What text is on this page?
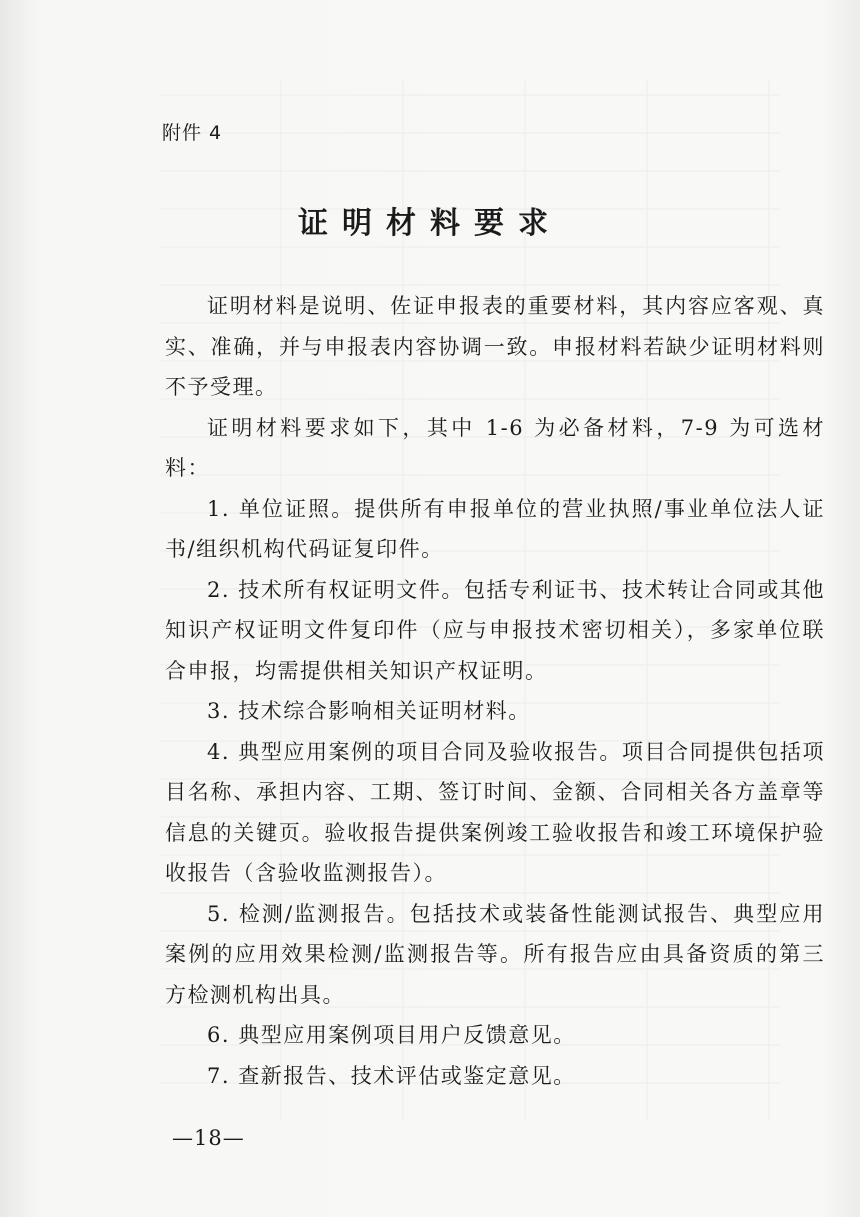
附件 4
证明材料要求

证明材料是说明、佐证申报表的重要材料，其内容应客观、真实、准确，并与申报表内容协调一致。申报材料若缺少证明材料则不予受理。

证明材料要求如下，其中 1-6 为必备材料，7-9 为可选材料：

1. 单位证照。提供所有申报单位的营业执照/事业单位法人证书/组织机构代码证复印件。

2. 技术所有权证明文件。包括专利证书、技术转让合同或其他知识产权证明文件复印件（应与申报技术密切相关），多家单位联合申报，均需提供相关知识产权证明。

3. 技术综合影响相关证明材料。

4. 典型应用案例的项目合同及验收报告。项目合同提供包括项目名称、承担内容、工期、签订时间、金额、合同相关各方盖章等信息的关键页。验收报告提供案例竣工验收报告和竣工环境保护验收报告（含验收监测报告）。

5. 检测/监测报告。包括技术或装备性能测试报告、典型应用案例的应用效果检测/监测报告等。所有报告应由具备资质的第三方检测机构出具。

6. 典型应用案例项目用户反馈意见。

7. 查新报告、技术评估或鉴定意见。

—18—
